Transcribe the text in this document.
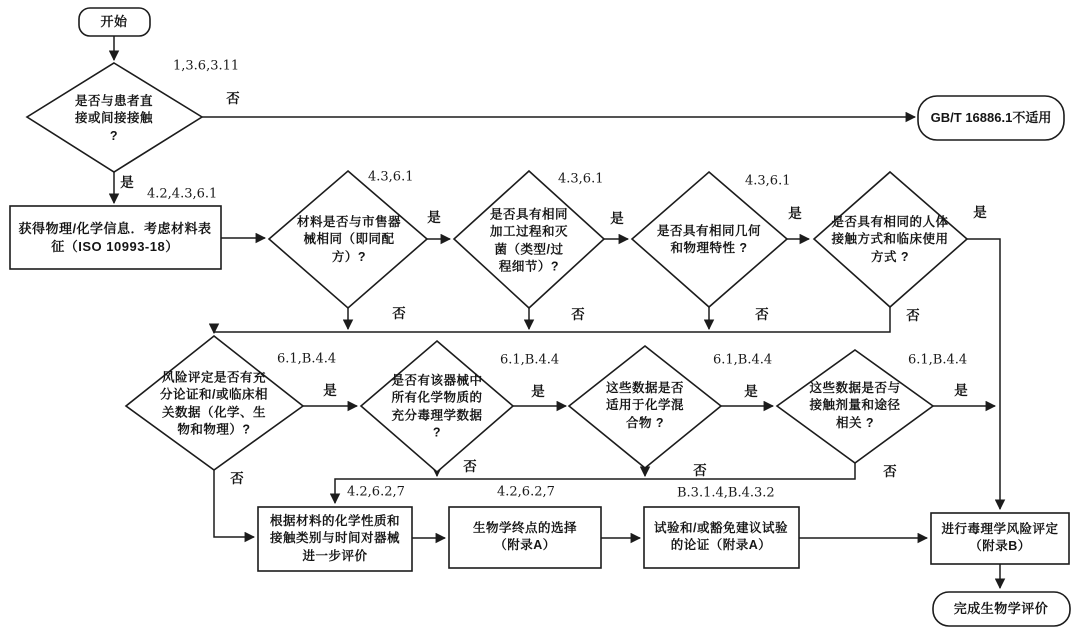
开始
是否与患者直接或间接接触 ?
GB/T 16886.1不适用
获得物理/化学信息．考虑材料表征（ISO 10993-18）
材料是否与市售器械相同（即同配方）?
是否具有相同加工过程和灭菌（类型/过程细节）?
是否具有相同几何和物理特性 ?
是否具有相同的人体接触方式和临床使用方式 ?
风险评定是否有充分论证和/或临床相关数据（化学、生物和物理）?
是否有该器械中所有化学物质的充分毒理学数据 ?
这些数据是否适用于化学混合物 ?
这些数据是否与接触剂量和途径相关 ?
根据材料的化学性质和接触类别与时间对器械进一步评价
生物学终点的选择（附录A）
试验和/或豁免建议试验的论证（附录A）
进行毒理学风险评定（附录B）
完成生物学评价
是
是	是	是	是
是	是	是	是
否
否	否	否	否
否
否	否	否
1,3.6,3.11
4.2,4.3,6.1
4.3,6.1	4.3,6.1	4.3,6.1
6.1,B.4.4	6.1,B.4.4	6.1,B.4.4	6.1,B.4.4
4.2,6.2,7	4.2,6.2,7	B.3.1.4,B.4.3.2
